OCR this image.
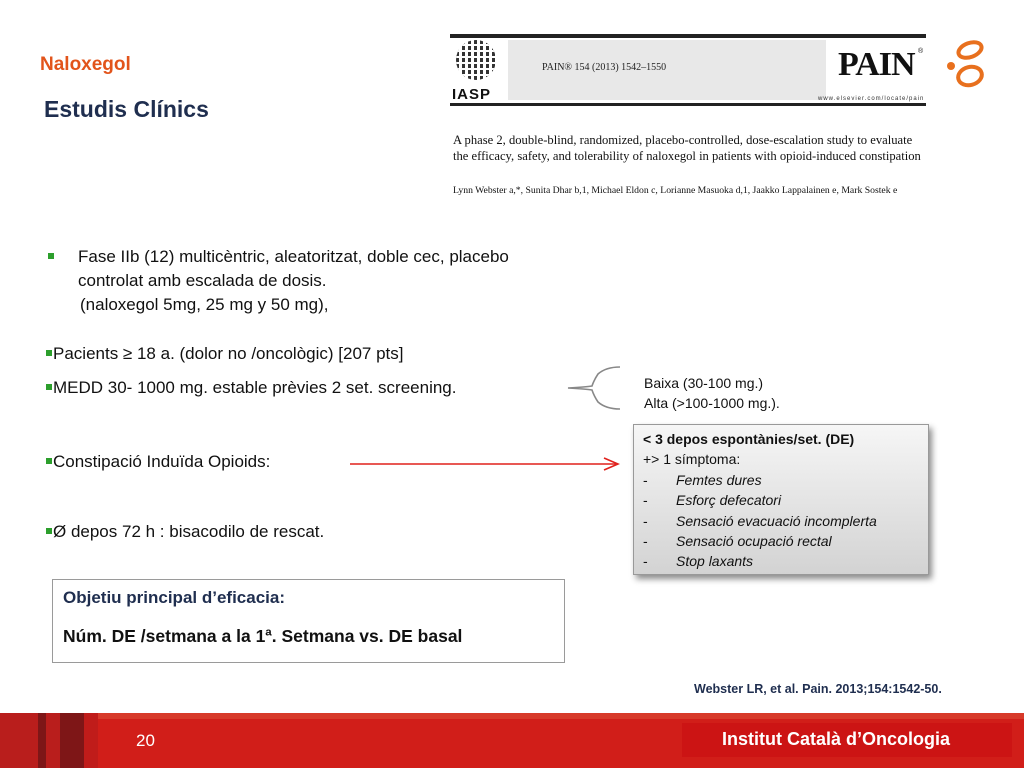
Naloxegol
Estudis Clínics
IASP
PAIN® 154 (2013) 1542–1550	PAIN ®
www.elsevier.com/locate/pain
A phase 2, double-blind, randomized, placebo-controlled, dose-escalation study to evaluate the efficacy, safety, and tolerability of naloxegol in patients with opioid-induced constipation
Lynn Webster a,*, Sunita Dhar b,1, Michael Eldon c, Lorianne Masuoka d,1, Jaakko Lappalainen e, Mark Sostek e
Fase IIb (12) multicèntric, aleatoritzat, doble cec, placebo controlat amb escalada de dosis.
(naloxegol 5mg, 25 mg y 50 mg),
Pacients ≥ 18 a. (dolor no /oncològic) [207 pts]
MEDD 30- 1000 mg. estable prèvies 2 set. screening.
Constipació Induïda Opioids:
Ø depos 72 h : bisacodilo de rescat.
Baixa (30-100 mg.)
Alta (>100-1000 mg.).
< 3 depos espontànies/set. (DE)
+> 1 símptoma:
- Femtes dures
- Esforç defecatori
- Sensació evacuació incomplerta
- Sensació ocupació rectal
- Stop laxants
Objetiu principal d’eficacia:
Núm. DE /setmana a la 1ª. Setmana vs. DE basal
Webster LR, et al. Pain. 2013;154:1542-50.
20	Institut Català d’Oncologia
